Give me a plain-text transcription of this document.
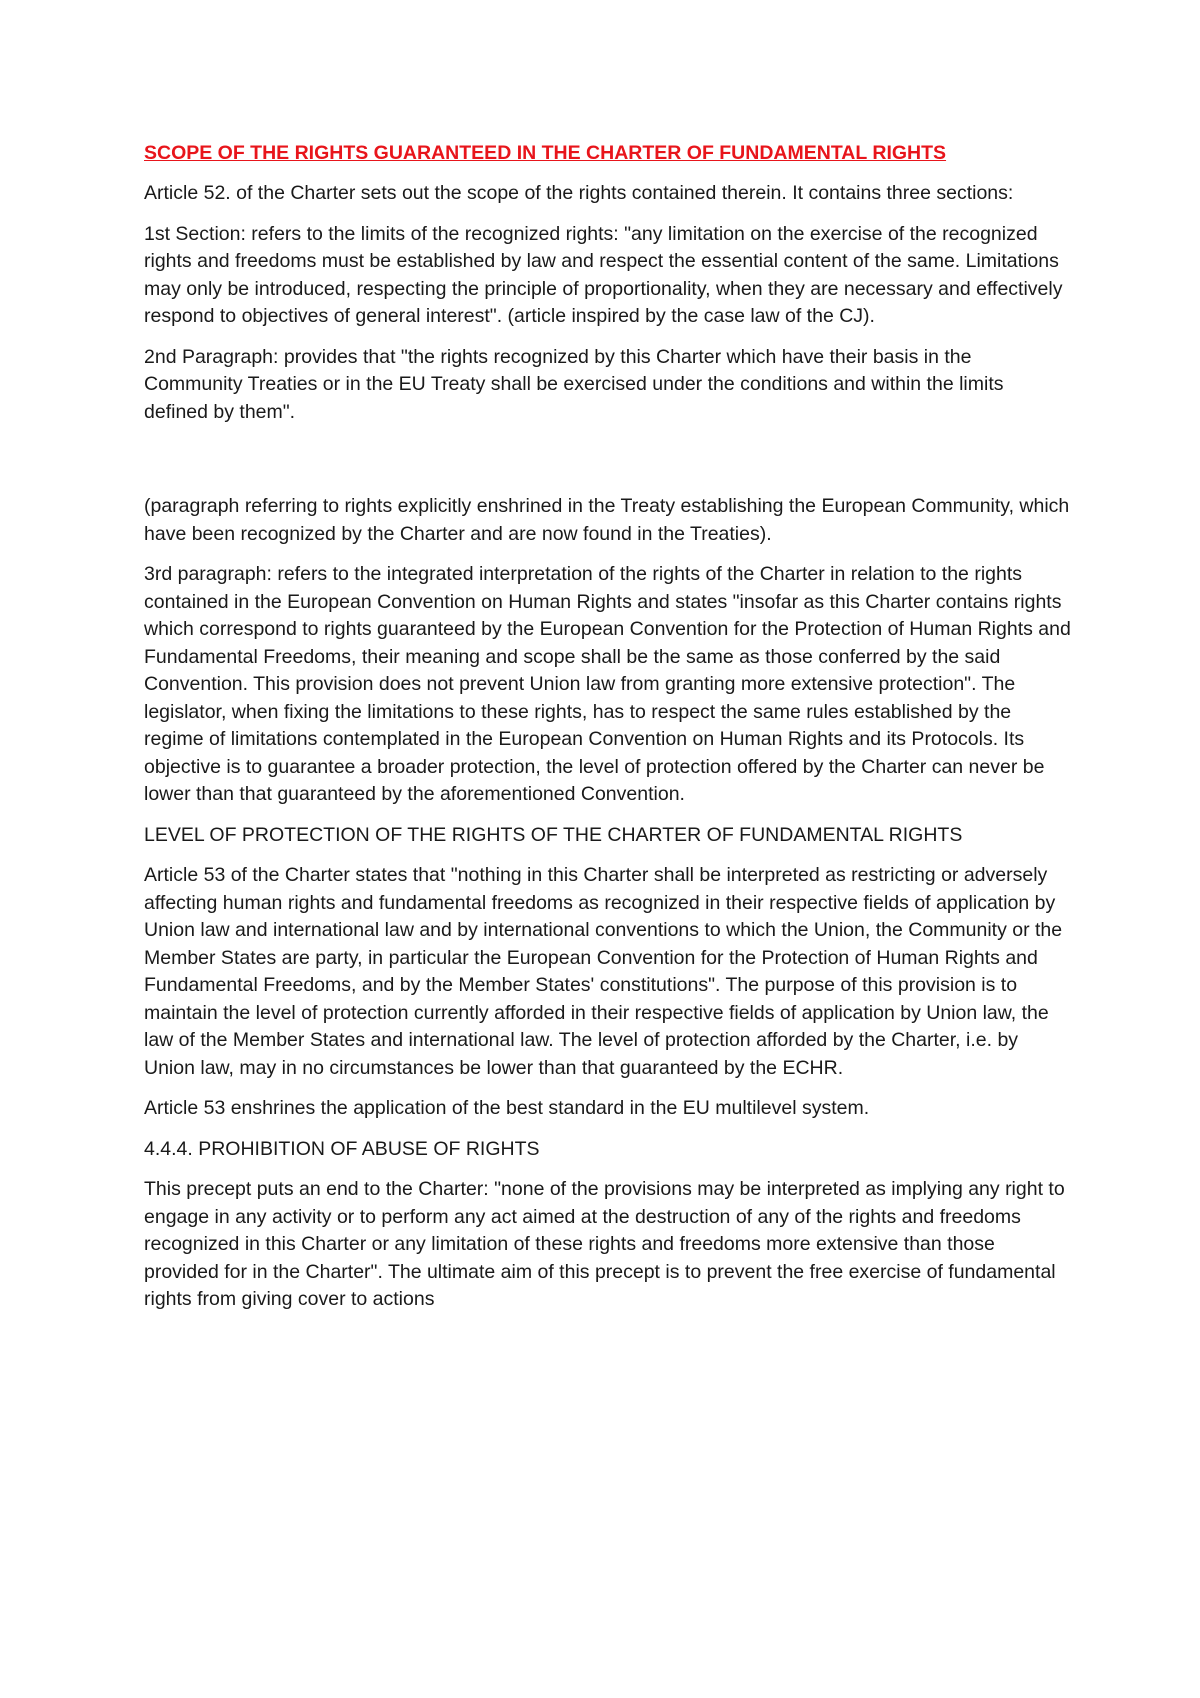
SCOPE OF THE RIGHTS GUARANTEED IN THE CHARTER OF FUNDAMENTAL RIGHTS

Article 52. of the Charter sets out the scope of the rights contained therein. It contains three sections:

1st Section: refers to the limits of the recognized rights: "any limitation on the exercise of the recognized rights and freedoms must be established by law and respect the essential content of the same. Limitations may only be introduced, respecting the principle of proportionality, when they are necessary and effectively respond to objectives of general interest". (article inspired by the case law of the CJ).

2nd Paragraph: provides that "the rights recognized by this Charter which have their basis in the Community Treaties or in the EU Treaty shall be exercised under the conditions and within the limits defined by them".

(paragraph referring to rights explicitly enshrined in the Treaty establishing the European Community, which have been recognized by the Charter and are now found in the Treaties).

3rd paragraph: refers to the integrated interpretation of the rights of the Charter in relation to the rights contained in the European Convention on Human Rights and states "insofar as this Charter contains rights which correspond to rights guaranteed by the European Convention for the Protection of Human Rights and Fundamental Freedoms, their meaning and scope shall be the same as those conferred by the said Convention. This provision does not prevent Union law from granting more extensive protection". The legislator, when fixing the limitations to these rights, has to respect the same rules established by the regime of limitations contemplated in the European Convention on Human Rights and its Protocols. Its objective is to guarantee a broader protection, the level of protection offered by the Charter can never be lower than that guaranteed by the aforementioned Convention.

LEVEL OF PROTECTION OF THE RIGHTS OF THE CHARTER OF FUNDAMENTAL RIGHTS

Article 53 of the Charter states that "nothing in this Charter shall be interpreted as restricting or adversely affecting human rights and fundamental freedoms as recognized in their respective fields of application by Union law and international law and by international conventions to which the Union, the Community or the Member States are party, in particular the European Convention for the Protection of Human Rights and Fundamental Freedoms, and by the Member States' constitutions". The purpose of this provision is to maintain the level of protection currently afforded in their respective fields of application by Union law, the law of the Member States and international law. The level of protection afforded by the Charter, i.e. by Union law, may in no circumstances be lower than that guaranteed by the ECHR.

Article 53 enshrines the application of the best standard in the EU multilevel system.

4.4.4. PROHIBITION OF ABUSE OF RIGHTS

This precept puts an end to the Charter: "none of the provisions may be interpreted as implying any right to engage in any activity or to perform any act aimed at the destruction of any of the rights and freedoms recognized in this Charter or any limitation of these rights and freedoms more extensive than those provided for in the Charter". The ultimate aim of this precept is to prevent the free exercise of fundamental rights from giving cover to actions
